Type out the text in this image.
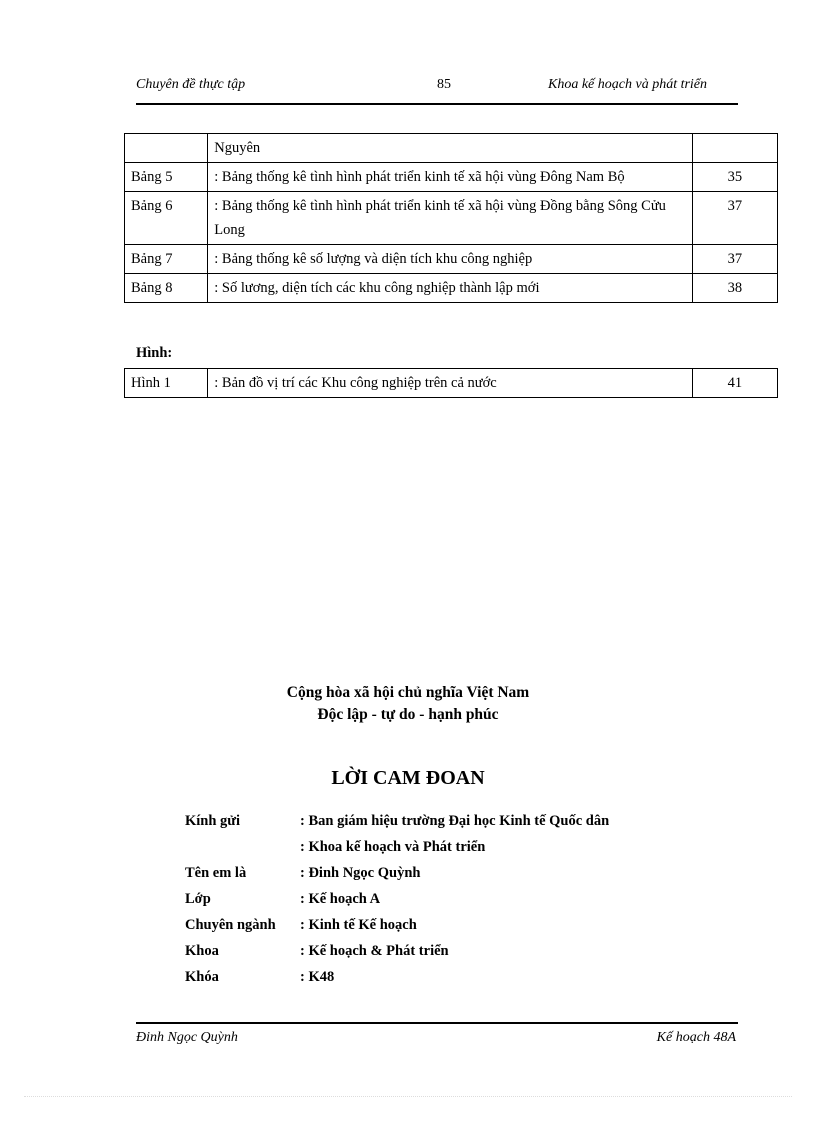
Chuyên đề thực tập	85	Khoa kế hoạch và phát triển
	Nguyên	
Bảng 5	: Bảng thống kê tình hình phát triển kinh tế xã hội vùng Đông Nam Bộ	35
Bảng 6	: Bảng thống kê tình hình phát triển kinh tế xã hội vùng Đồng bằng Sông Cửu Long	37
Bảng 7	: Bảng thống kê số lượng và diện tích khu công nghiệp	37
Bảng 8	: Số lương, diện tích các khu công nghiệp thành lập mới	38
Hình:
Hình 1	: Bản đồ vị trí các Khu công nghiệp trên cả nước	41
Cộng hòa xã hội chủ nghĩa Việt Nam
Độc lập - tự do - hạnh phúc
LỜI CAM ĐOAN
Kính gửi	: Ban giám hiệu trường Đại học Kinh tế Quốc dân
: Khoa kế hoạch và Phát triển
Tên em là	: Đinh Ngọc Quỳnh
Lớp	: Kế hoạch A
Chuyên ngành : Kinh tế Kế hoạch
Khoa	: Kế hoạch & Phát triển
Khóa	: K48
Đinh Ngọc Quỳnh	Kế hoạch 48A
